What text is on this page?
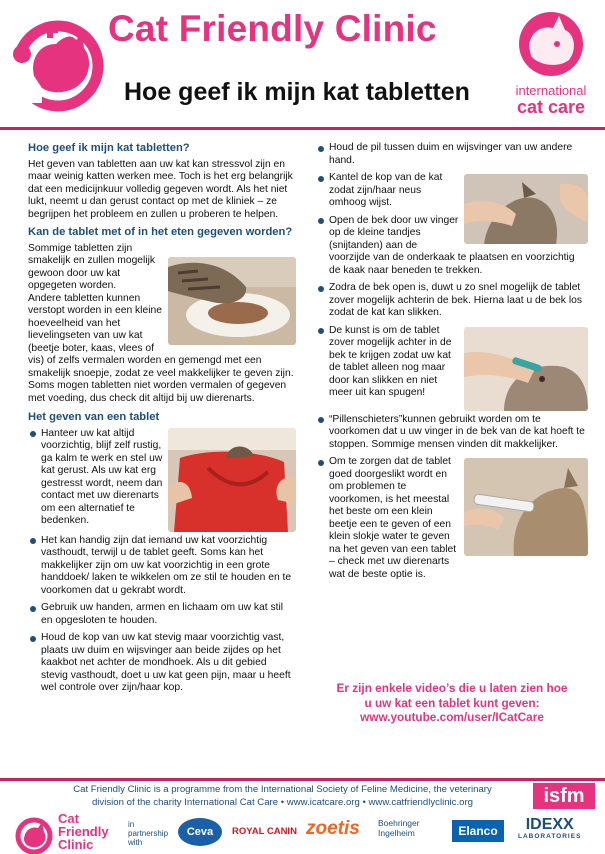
Cat Friendly Clinic
Hoe geef ik mijn kat tabletten	international
cat care
Hoe geef ik mijn kat tabletten?

Het geven van tabletten aan uw kat kan stressvol zijn en maar weinig katten werken mee. Toch is het erg belangrijk dat een medicijnkuur volledig gegeven wordt. Als het niet lukt, neemt u dan gerust contact op met de kliniek – ze begrijpen het probleem en zullen u proberen te helpen.

Kan de tablet met of in het eten gegeven worden?

Sommige tabletten zijn smakelijk en zullen mogelijk gewoon door uw kat opgegeten worden.
Andere tabletten kunnen verstopt worden in een kleine hoeveelheid van het lievelingseten van uw kat (beetje boter, kaas, vlees of vis) of zelfs vermalen worden en gemengd met een smakelijk snoepje, zodat ze veel makkelijker te geven zijn. Soms mogen tabletten niet worden vermalen of gegeven met voeding, dus check dit altijd bij uw dierenarts.

Het geven van een tablet
Hanteer uw kat altijd voorzichtig, blijf zelf rustig, ga kalm te werk en stel uw kat gerust. Als uw kat erg gestresst wordt, neem dan contact met uw dierenarts om een alternatief te bedenken.
Het kan handig zijn dat iemand uw kat voorzichtig vasthoudt, terwijl u de tablet geeft. Soms kan het makkelijker zijn om uw kat voorzichtig in een grote handdoek/ laken te wikkelen om ze stil te houden en te voorkomen dat u gekrabt wordt.
Gebruik uw handen, armen en lichaam om uw kat stil en opgesloten te houden.
Houd de kop van uw kat stevig maar voorzichtig vast, plaats uw duim en wijsvinger aan beide zijdes op het kaakbot net achter de mondhoek. Als u dit gebied stevig vasthoudt, doet u uw kat geen pijn, maar u heeft wel controle over zijn/haar kop.
Houd de pil tussen duim en wijsvinger van uw andere hand.
Kantel de kop van de kat zodat zijn/haar neus omhoog wijst.
Open de bek door uw vinger op de kleine tandjes (snijtanden) aan de voorzijde van de onderkaak te plaatsen en voorzichtig de kaak naar beneden te trekken.
Zodra de bek open is, duwt u zo snel mogelijk de tablet zover mogelijk achterin de bek. Hierna laat u de bek los zodat de kat kan slikken.
De kunst is om de tablet zover mogelijk achter in de bek te krijgen zodat uw kat de tablet alleen nog maar door kan slikken en niet meer uit kan spugen!
“Pillenschieters”kunnen gebruikt worden om te voorkomen dat u uw vinger in de bek van de kat hoeft te stoppen. Sommige mensen vinden dit makkelijker.
Om te zorgen dat de tablet goed doorgeslikt wordt en om problemen te voorkomen, is het meestal het beste om een klein beetje een te geven of een klein slokje water te geven na het geven van een tablet – check met uw dierenarts wat de beste optie is.
Er zijn enkele video’s die u laten zien hoe
u uw kat een tablet kunt geven:
www.youtube.com/user/ICatCare
Cat Friendly Clinic is a programme from the International Society of Feline Medicine, the veterinary
division of the charity International Cat Care • www.icatcare.org • www.catfriendlyclinic.org	isfm
Cat
Friendly
Clinic
in partnership with
Ceva	ROYAL CANIN zoetis Boehringer Ingelheim	Elanco	IDEXX
LABORATORIES
